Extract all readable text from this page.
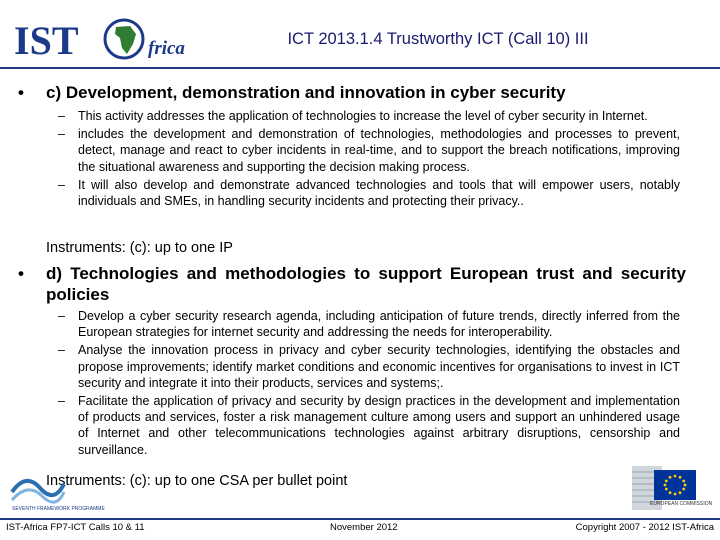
IST	frica	ICT 2013.1.4 Trustworthy ICT (Call 10) III
• c) Development, demonstration and innovation in cyber security
– This activity addresses the application of technologies to increase the level of cyber security in Internet.
– includes the development and demonstration of technologies, methodologies and processes to prevent, detect, manage and react to cyber incidents in real-time, and to support the breach notifications, improving the situational awareness and supporting the decision making process.
– It will also develop and demonstrate advanced technologies and tools that will empower users, notably individuals and SMEs, in handling security incidents and protecting their privacy..
Instruments: (c): up to one IP
• d) Technologies and methodologies to support European trust and security policies
– Develop a cyber security research agenda, including anticipation of future trends, directly inferred from the European strategies for internet security and addressing the needs for interoperability.
– Analyse the innovation process in privacy and cyber security technologies, identifying the obstacles and propose improvements; identify market conditions and economic incentives for organisations to invest in ICT security and integrate it into their products, services and systems;.
– Facilitate the application of privacy and security by design practices in the development and implementation of products and services, foster a risk management culture among users and support an unhindered usage of Internet and other telecommunications technologies against arbitrary disruptions, censorship and surveillance.
Instruments: (c): up to one CSA per bullet point
SEVENTH FRAMEWORK PROGRAMME
EUROPEAN COMMISSION
IST-Africa FP7-ICT Calls 10 & 11	November 2012	Copyright 2007 - 2012 IST-Africa
